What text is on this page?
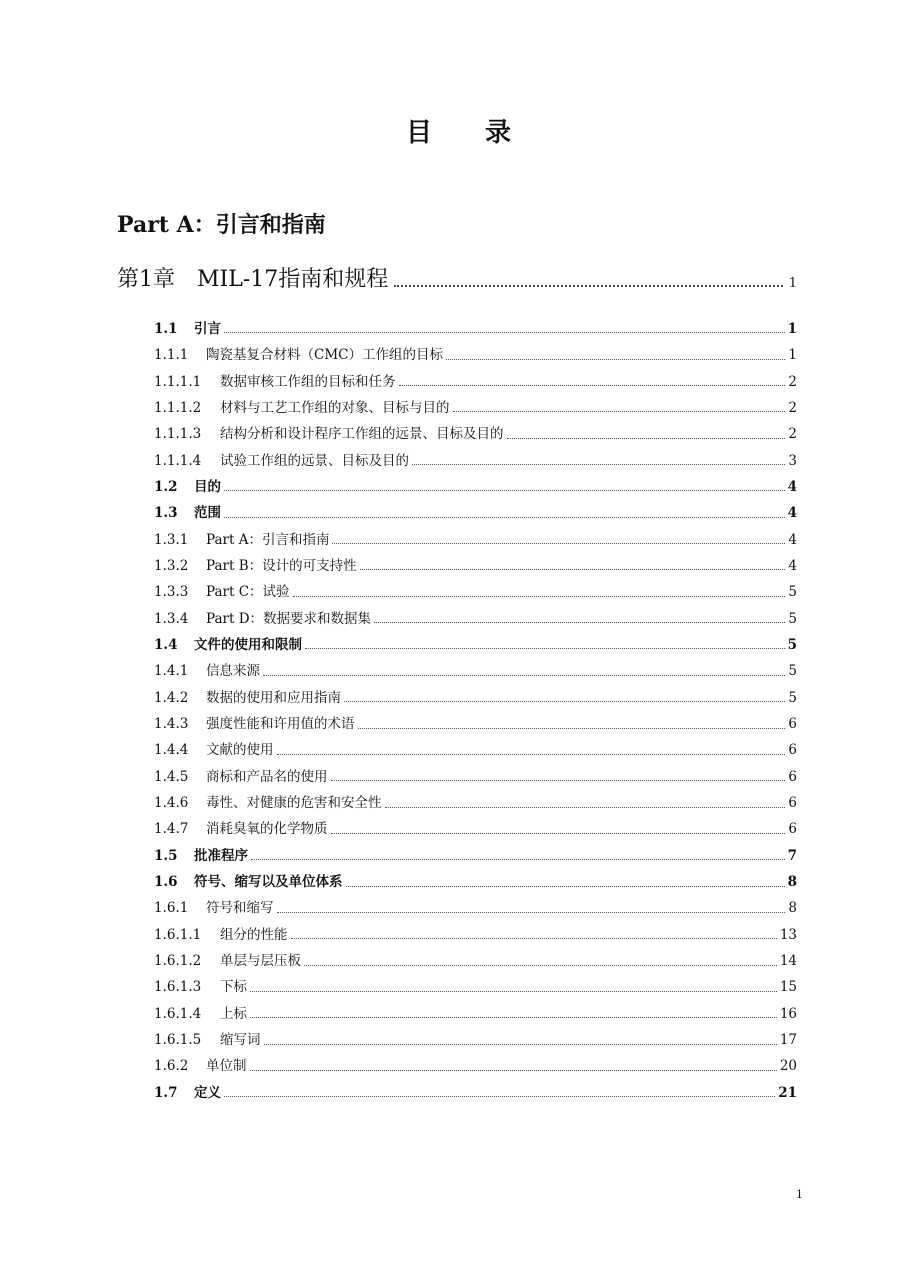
目 录
Part A：引言和指南
第1章 MIL-17指南和规程	1
1.1	引言	1
1.1.1	陶瓷基复合材料（CMC）工作组的目标	1
1.1.1.1	数据审核工作组的目标和任务	2
1.1.1.2	材料与工艺工作组的对象、目标与目的	2
1.1.1.3	结构分析和设计程序工作组的远景、目标及目的	2
1.1.1.4	试验工作组的远景、目标及目的	3
1.2	目的	4
1.3	范围	4
1.3.1	Part A：引言和指南	4
1.3.2	Part B：设计的可支持性	4
1.3.3	Part C：试验	5
1.3.4	Part D：数据要求和数据集	5
1.4	文件的使用和限制	5
1.4.1	信息来源	5
1.4.2	数据的使用和应用指南	5
1.4.3	强度性能和许用值的术语	6
1.4.4	文献的使用	6
1.4.5	商标和产品名的使用	6
1.4.6	毒性、对健康的危害和安全性	6
1.4.7	消耗臭氧的化学物质	6
1.5	批准程序	7
1.6	符号、缩写以及单位体系	8
1.6.1	符号和缩写	8
1.6.1.1	组分的性能	13
1.6.1.2	单层与层压板	14
1.6.1.3	下标	15
1.6.1.4	上标	16
1.6.1.5	缩写词	17
1.6.2	单位制	20
1.7	定义	21
1
